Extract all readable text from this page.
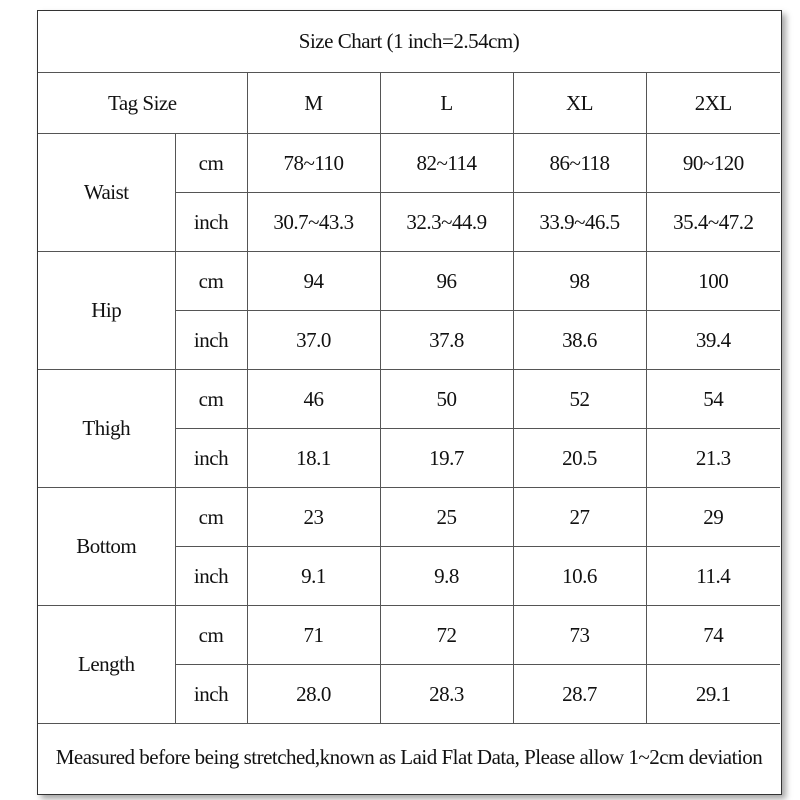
Size Chart (1 inch=2.54cm)					
Tag Size		M	L	XL	2XL
Waist	cm	78~110	82~114	86~118	90~120
	inch	30.7~43.3	32.3~44.9	33.9~46.5	35.4~47.2
Hip	cm	94	96	98	100
	inch	37.0	37.8	38.6	39.4
Thigh	cm	46	50	52	54
	inch	18.1	19.7	20.5	21.3
Bottom	cm	23	25	27	29
	inch	9.1	9.8	10.6	11.4
Length	cm	71	72	73	74
	inch	28.0	28.3	28.7	29.1
Measured before being stretched,known as Laid Flat Data, Please allow 1~2cm deviation					
